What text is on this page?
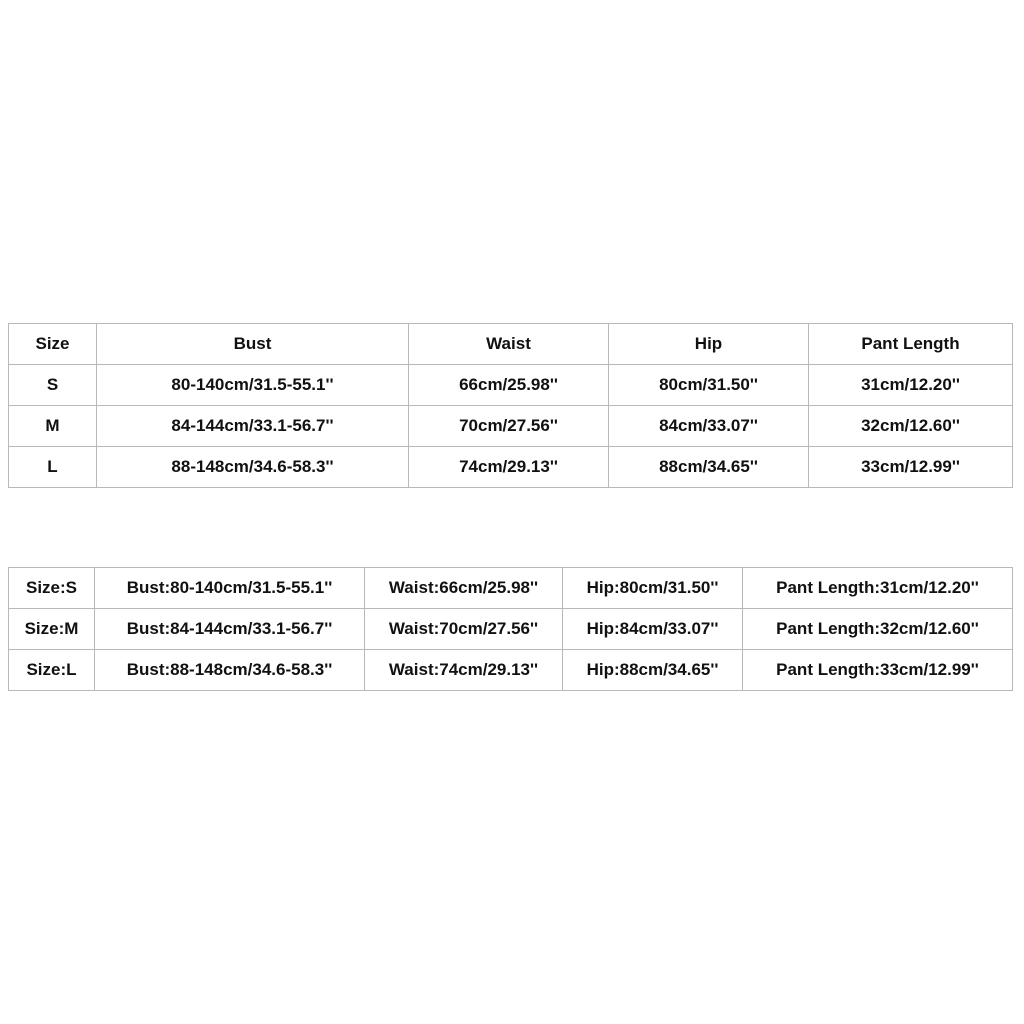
Size	Bust	Waist	Hip	Pant Length
S	80-140cm/31.5-55.1''	66cm/25.98''	80cm/31.50''	31cm/12.20''
M	84-144cm/33.1-56.7''	70cm/27.56''	84cm/33.07''	32cm/12.60''
L	88-148cm/34.6-58.3''	74cm/29.13''	88cm/34.65''	33cm/12.99''
Size:S	Bust:80-140cm/31.5-55.1''	Waist:66cm/25.98''	Hip:80cm/31.50''	Pant Length:31cm/12.20''
Size:M	Bust:84-144cm/33.1-56.7''	Waist:70cm/27.56''	Hip:84cm/33.07''	Pant Length:32cm/12.60''
Size:L	Bust:88-148cm/34.6-58.3''	Waist:74cm/29.13''	Hip:88cm/34.65''	Pant Length:33cm/12.99''
